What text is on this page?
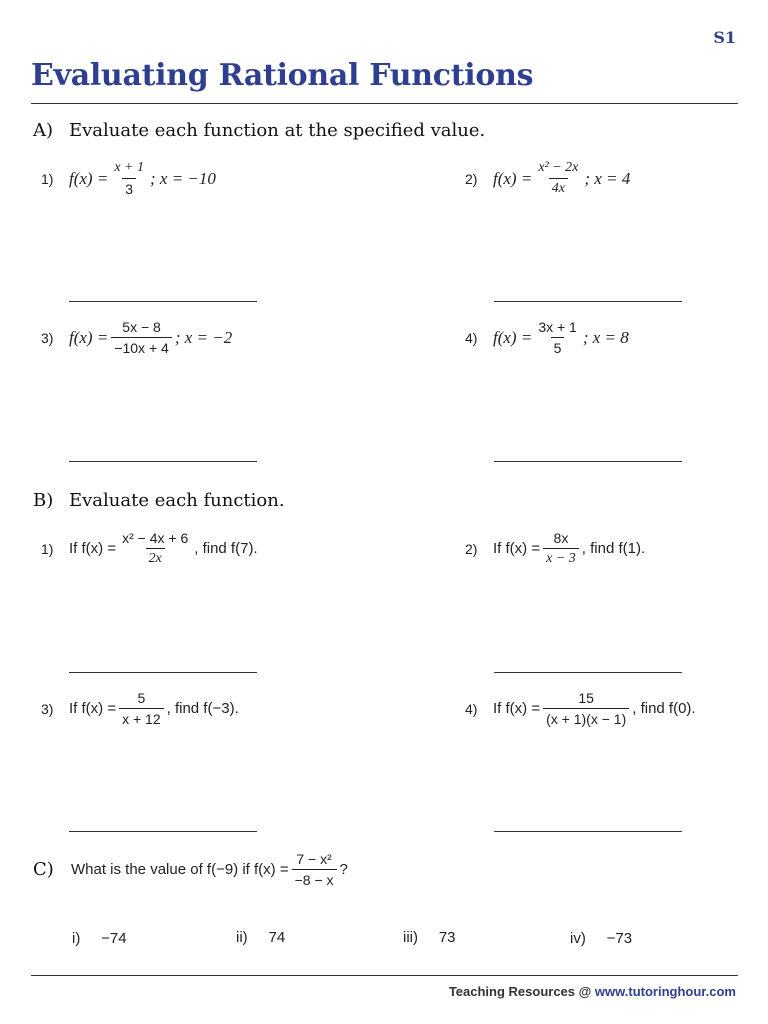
S1
Evaluating Rational Functions
A) Evaluate each function at the specified value.
1) $f(x) = \frac{x + 1}{3}$ ; x = −10	2) $f(x) = \frac{\text{x² − 2x}}{4x}$ ; x = 4
3) $f(x) = \frac{5x - 8}{-10x + 4}$ ; x = −2	4) $f(x) = \frac{3x + 1}{5}$ ; x = 8
B) Evaluate each function.
1)	If $f(x) = \frac{\text{x² − 4x + 6}}{2x}$ , find f(7).	2)	If $f(x) = \frac{8x}{x - 3}$ , find f(1).
3)	If $f(x) = \frac{5}{x + 12}$ , find f(−3).	4)	If $f(x) = \frac{15}{(x + 1)(x - 1)}$ , find f(0).
C)	What is the value of f(−9) if $f(x) = \frac{\text{7 − x²}}{-8 - x}$ ?
i) −74	ii) 74	iii) 73	iv) −73
Teaching Resources @ www.tutoringhour.com
